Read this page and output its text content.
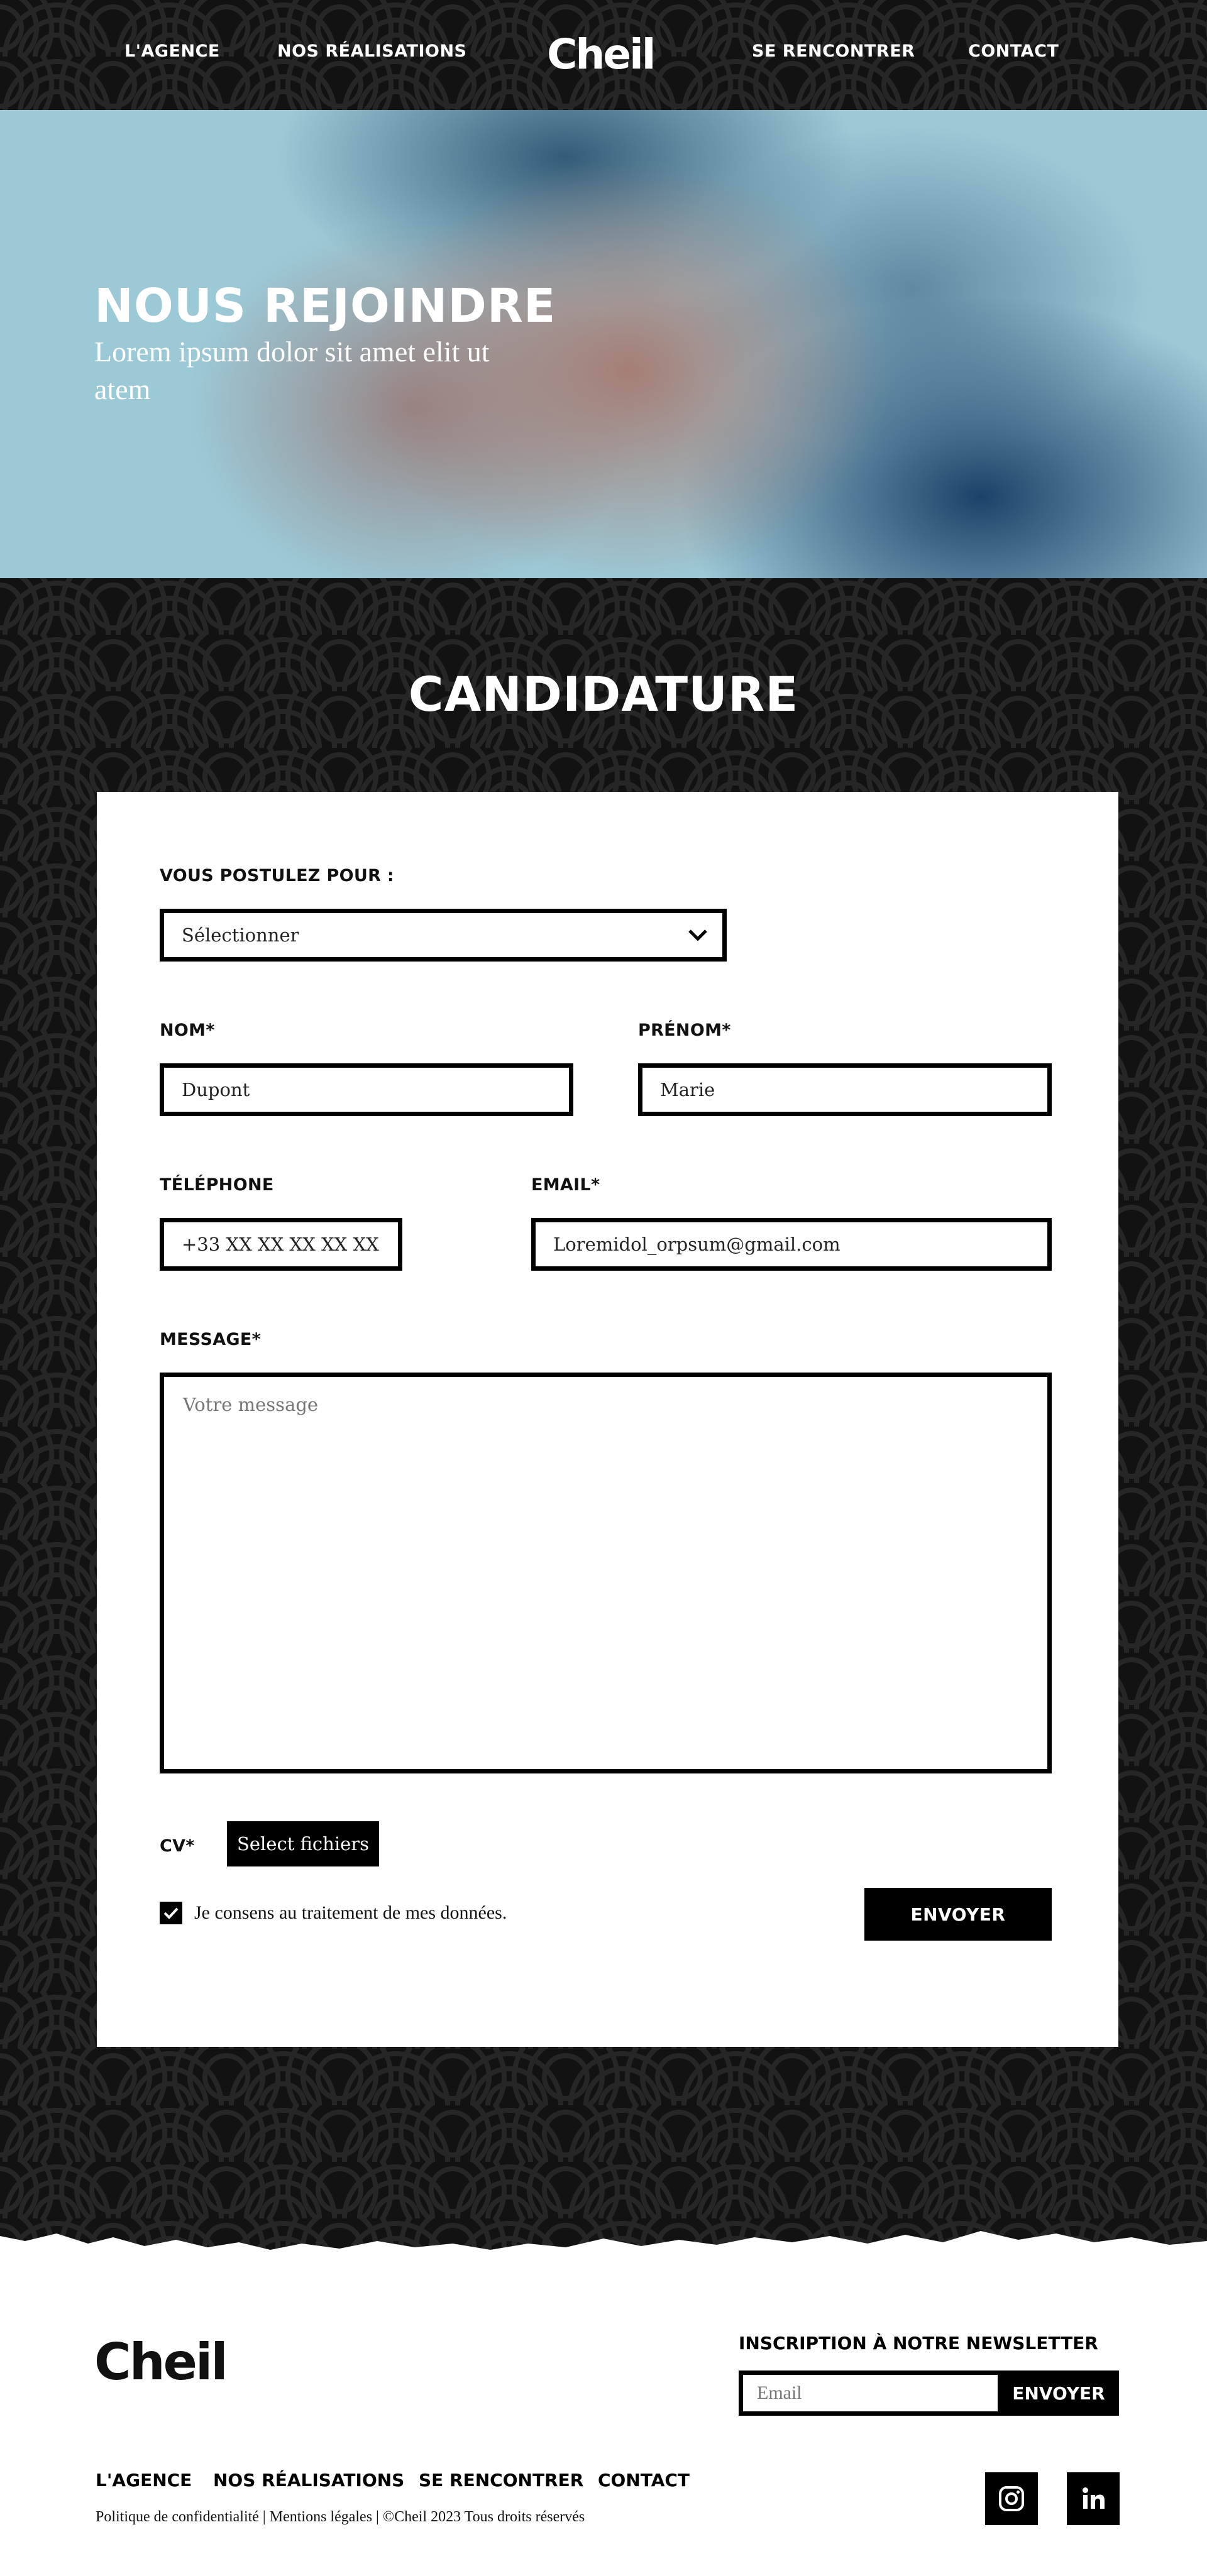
L'AGENCE	NOS RÉALISATIONS Cheil	SE RENCONTRER	CONTACT
NOUS REJOINDRE
Lorem ipsum dolor sit amet elit ut atem
CANDIDATURE
VOUS POSTULEZ POUR :
Sélectionner
NOM*
Dupont	PRÉNOM*
Marie
TÉLÉPHONE
+33 XX XX XX XX XX	EMAIL*
Loremidol_orpsum@gmail.com
MESSAGE*
Votre message
CV*	Select fichiers
Je consens au traitement de mes données.	ENVOYER
Cheil	INSCRIPTION À NOTRE NEWSLETTER
Email
ENVOYER
L'AGENCE NOS RÉALISATIONS SE RENCONTRER CONTACT
Politique de confidentialité | Mentions légales | ©Cheil 2023 Tous droits réservés
